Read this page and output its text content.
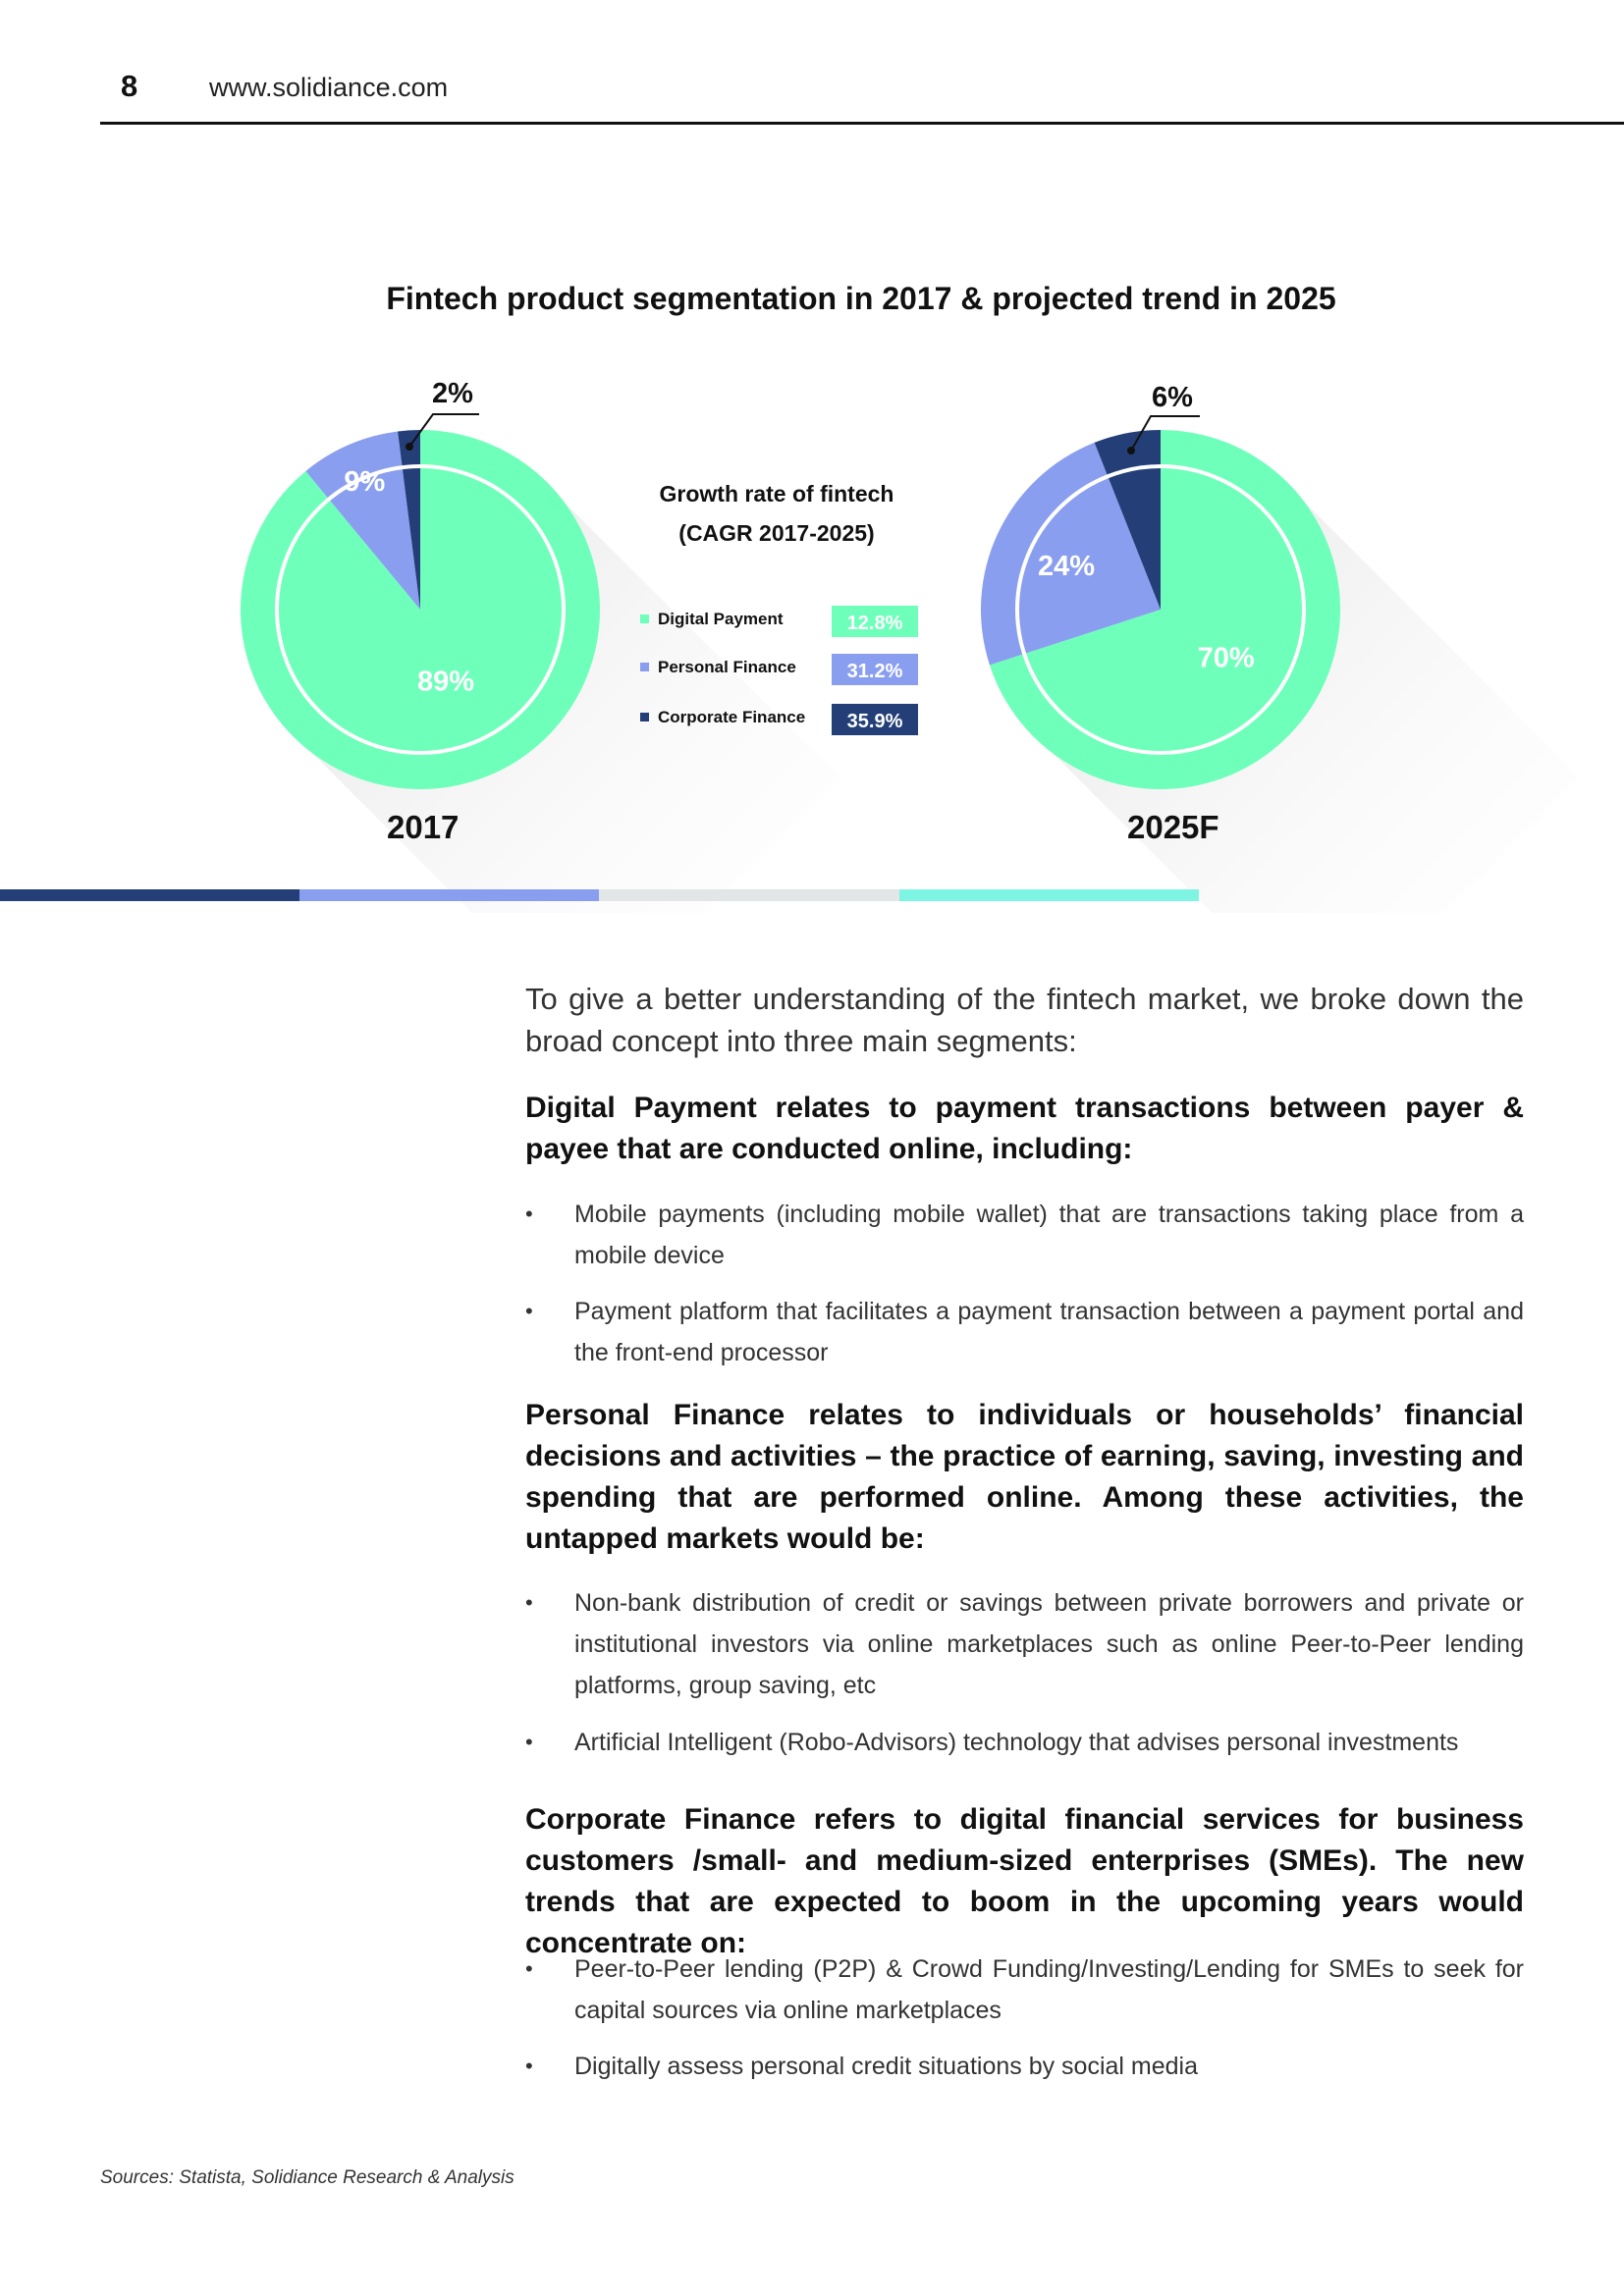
8	www.solidiance.com
Fintech product segmentation in 2017 & projected trend in 2025
89%
9%
2%
70%
24%
6%
Growth rate of fintech
(CAGR 2017-2025)
Digital Payment	12.8%
Personal Finance	31.2%
Corporate Finance 35.9%
2017	2025F
To give a better understanding of the fintech market, we broke down the broad concept into three main segments:
Digital Payment relates to payment transactions between payer & payee that are conducted online, including:
• Mobile payments (including mobile wallet) that are transactions taking place from a mobile device
• Payment platform that facilitates a payment transaction between a payment portal and the front-end processor
Personal Finance relates to individuals or households’ financial decisions and activities – the practice of earning, saving, investing and spending that are performed online. Among these activities, the untapped markets would be:
• Non-bank distribution of credit or savings between private borrowers and private or institutional investors via online marketplaces such as online Peer-to-Peer lending platforms, group saving, etc
• Artificial Intelligent (Robo-Advisors) technology that advises personal investments
Corporate Finance refers to digital financial services for business customers /small- and medium-sized enterprises (SMEs). The new trends that are expected to boom in the upcoming years would concentrate on:
• Peer-to-Peer lending (P2P) & Crowd Funding/Investing/Lending for SMEs to seek for capital sources via online marketplaces
• Digitally assess personal credit situations by social media
Sources: Statista, Solidiance Research & Analysis
